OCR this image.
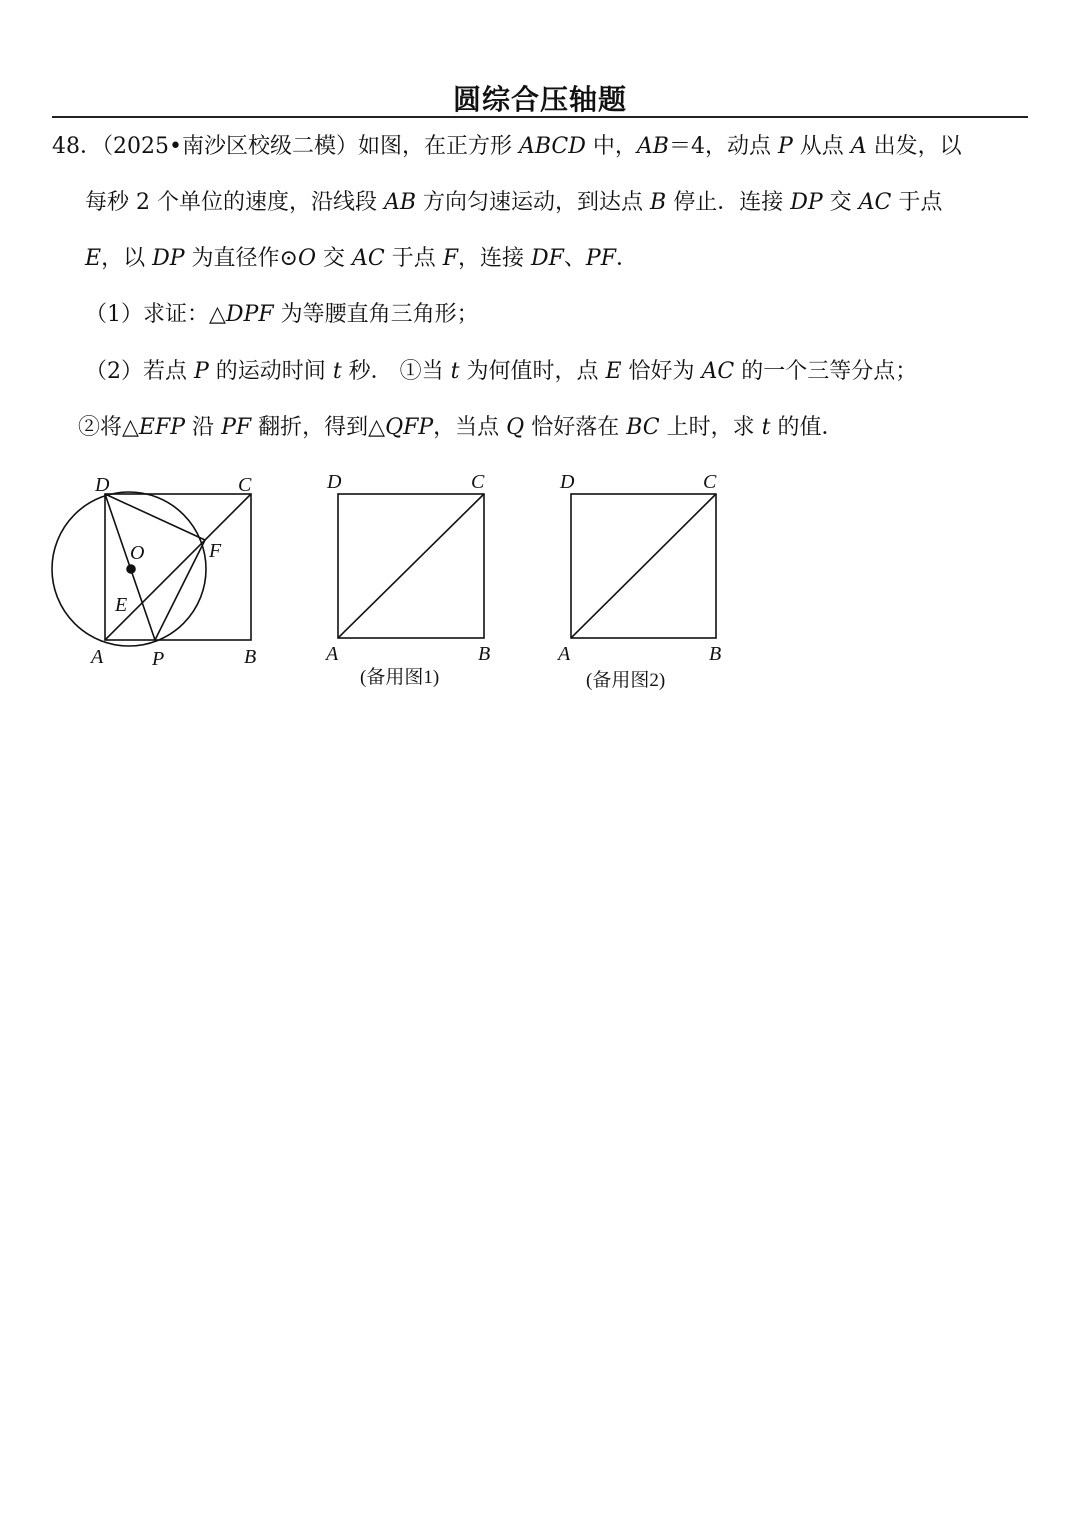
圆综合压轴题
48．（2025•南沙区校级二模）如图，在正方形 ABCD 中，AB＝4，动点 P 从点 A 出发，以
每秒 2 个单位的速度，沿线段 AB 方向匀速运动，到达点 B 停止．连接 DP 交 AC 于点
E，以 DP 为直径作⊙O 交 AC 于点 F，连接 DF、PF．
（1）求证：△DPF 为等腰直角三角形；
（2）若点 P 的运动时间 t 秒． ①当 t 为何值时，点 E 恰好为 AC 的一个三等分点；
②将△EFP 沿 PF 翻折，得到△QFP，当点 Q 恰好落在 BC 上时，求 t 的值．
D	C
A	B
O
E
F
P
D	C
A	B
(备用图1)
D	C
A	B
(备用图2)
